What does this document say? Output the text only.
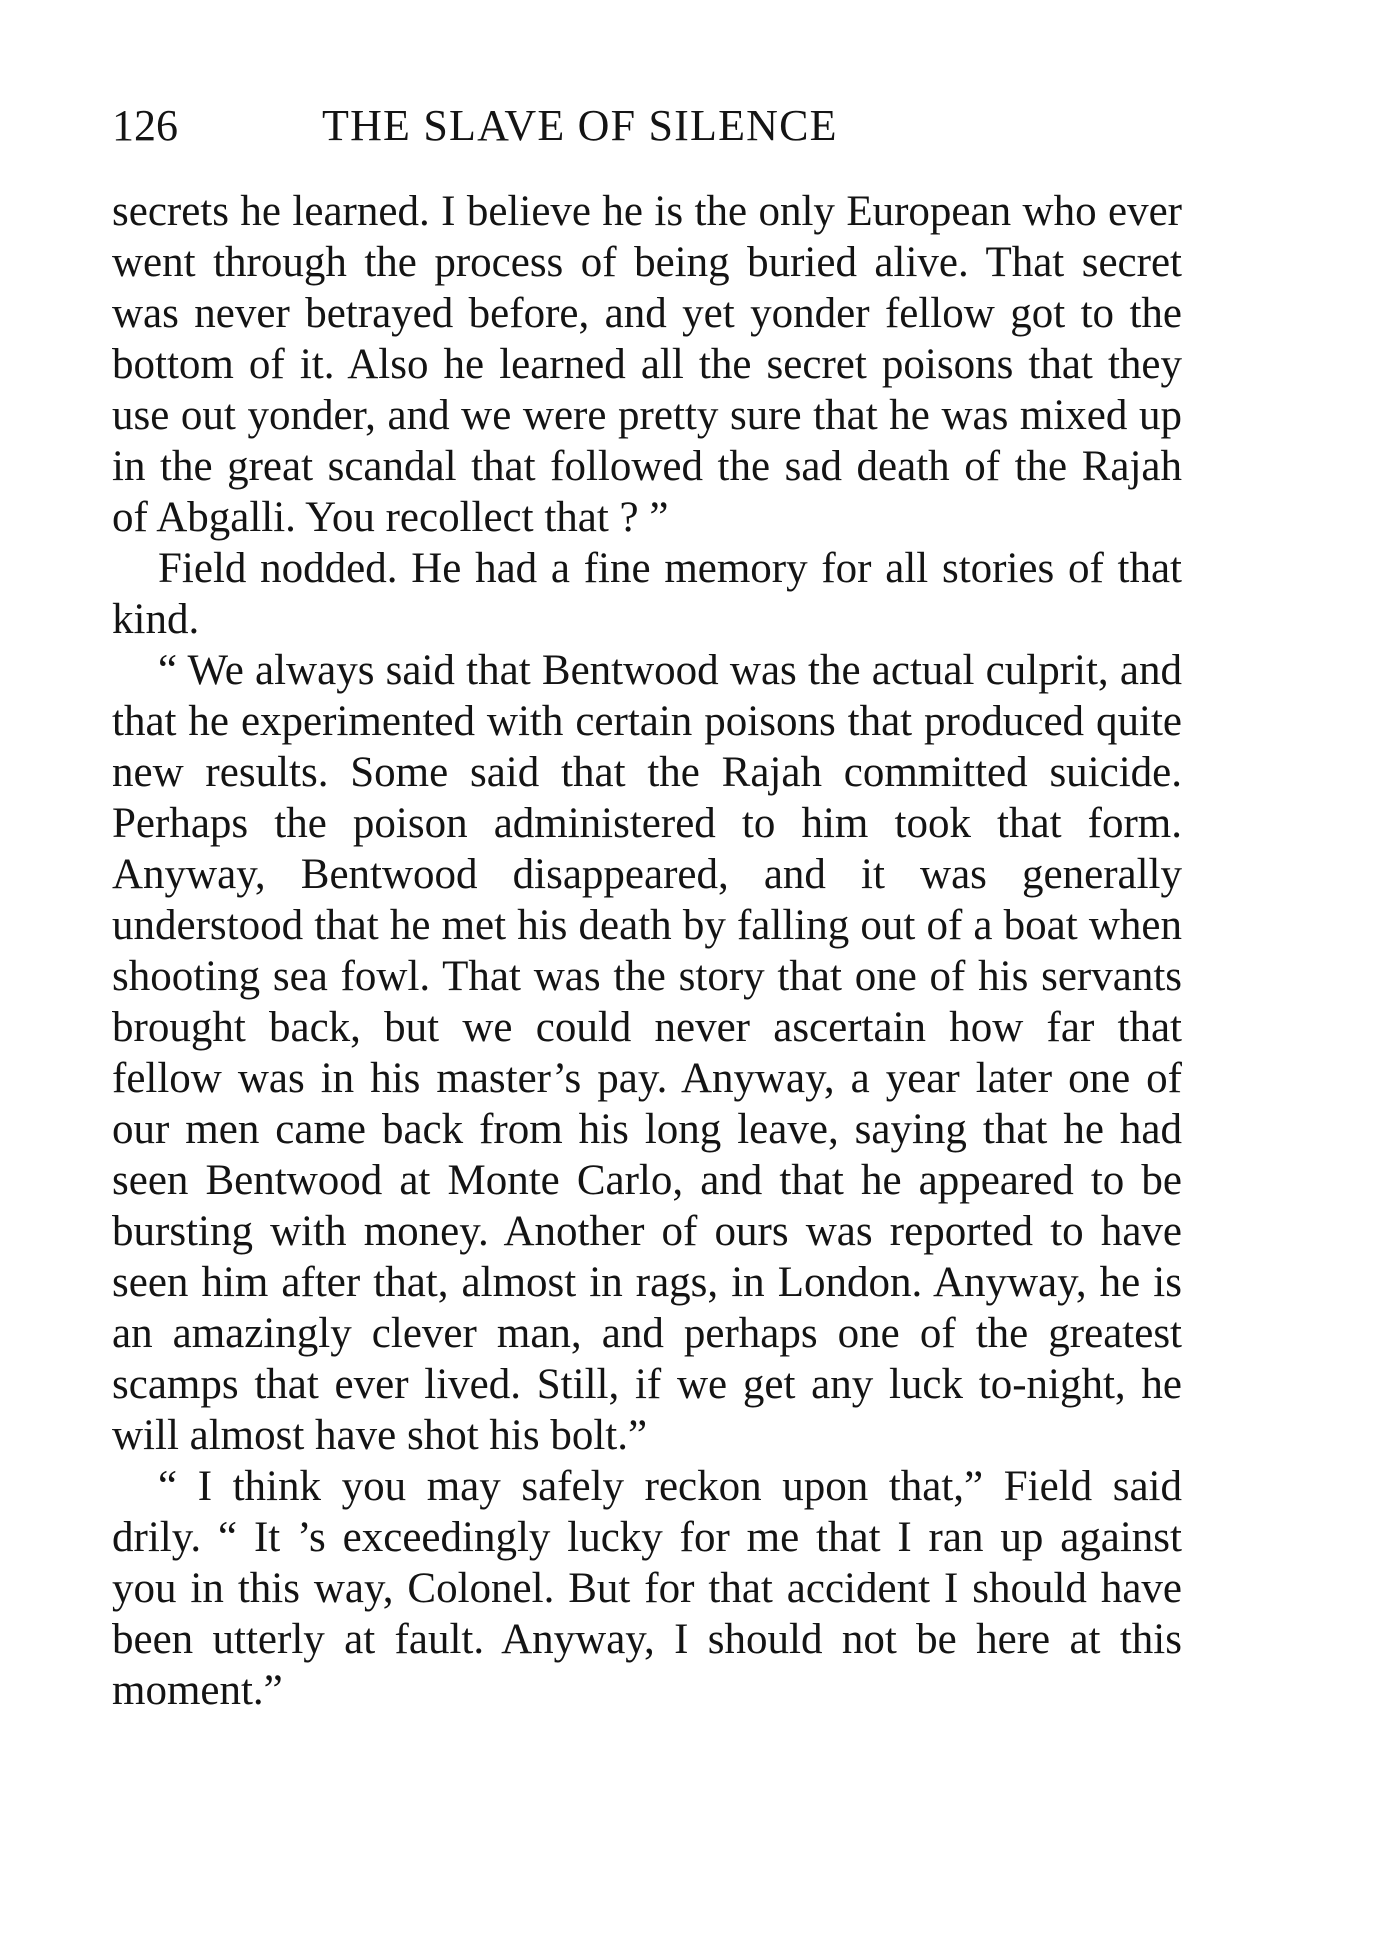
126	THE SLAVE OF SILENCE

secrets he learned. I believe he is the only European who ever went through the process of being buried alive. That secret was never betrayed before, and yet yonder fellow got to the bottom of it. Also he learned all the secret poisons that they use out yonder, and we were pretty sure that he was mixed up in the great scandal that followed the sad death of the Rajah of Abgalli. You recollect that ? ”

Field nodded. He had a fine memory for all stories of that kind.

“ We always said that Bentwood was the actual culprit, and that he experimented with certain poisons that produced quite new results. Some said that the Rajah committed suicide. Perhaps the poison administered to him took that form. Anyway, Bentwood disappeared, and it was generally understood that he met his death by falling out of a boat when shooting sea fowl. That was the story that one of his servants brought back, but we could never ascertain how far that fellow was in his master’s pay. Anyway, a year later one of our men came back from his long leave, saying that he had seen Bentwood at Monte Carlo, and that he appeared to be bursting with money. Another of ours was reported to have seen him after that, almost in rags, in London. Anyway, he is an amazingly clever man, and perhaps one of the greatest scamps that ever lived. Still, if we get any luck to-night, he will almost have shot his bolt.”

“ I think you may safely reckon upon that,” Field said drily. “ It ’s exceedingly lucky for me that I ran up against you in this way, Colonel. But for that accident I should have been utterly at fault. Anyway, I should not be here at this moment.”
